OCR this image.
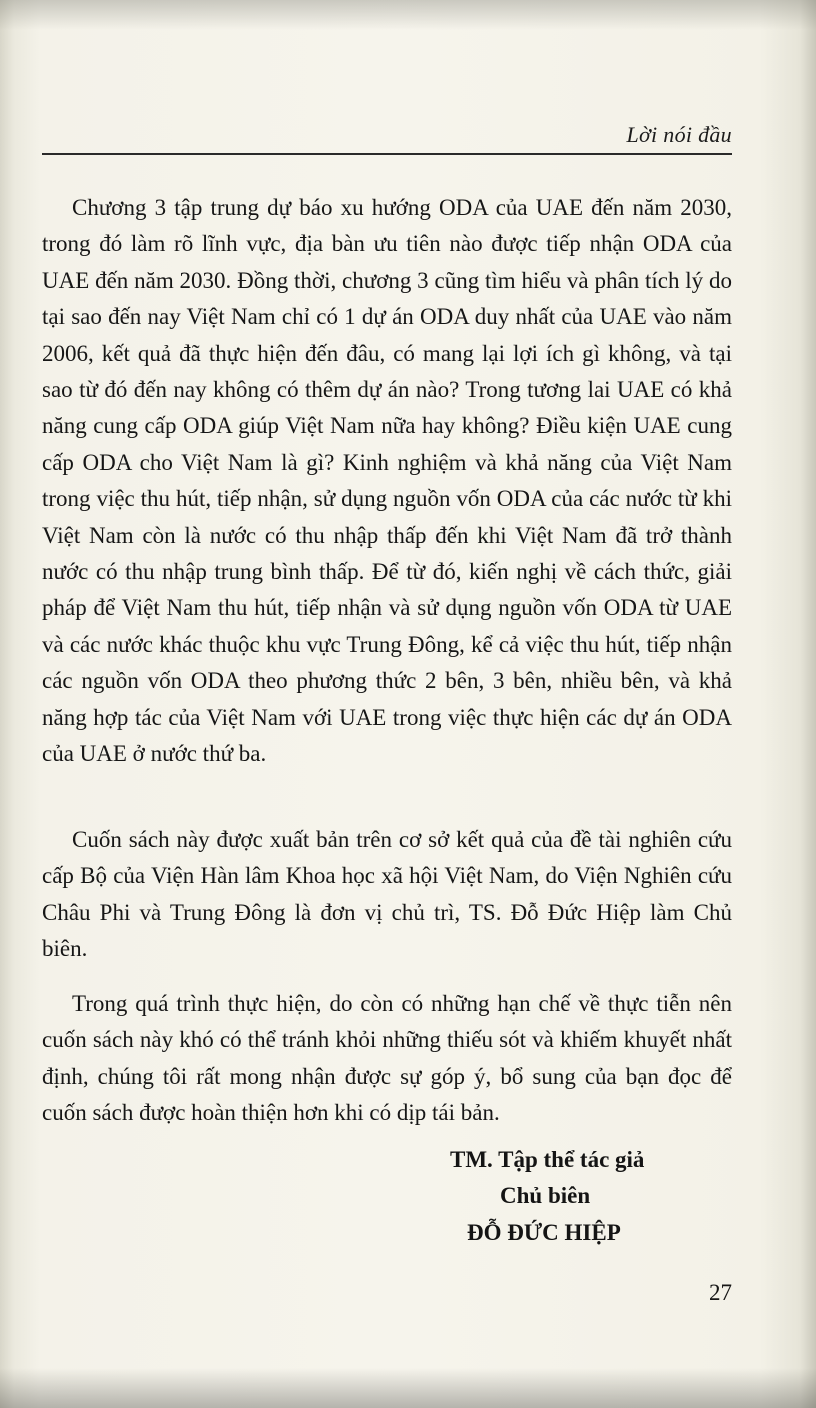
Lời nói đầu

Chương 3 tập trung dự báo xu hướng ODA của UAE đến năm 2030, trong đó làm rõ lĩnh vực, địa bàn ưu tiên nào được tiếp nhận ODA của UAE đến năm 2030. Đồng thời, chương 3 cũng tìm hiểu và phân tích lý do tại sao đến nay Việt Nam chỉ có 1 dự án ODA duy nhất của UAE vào năm 2006, kết quả đã thực hiện đến đâu, có mang lại lợi ích gì không, và tại sao từ đó đến nay không có thêm dự án nào? Trong tương lai UAE có khả năng cung cấp ODA giúp Việt Nam nữa hay không? Điều kiện UAE cung cấp ODA cho Việt Nam là gì? Kinh nghiệm và khả năng của Việt Nam trong việc thu hút, tiếp nhận, sử dụng nguồn vốn ODA của các nước từ khi Việt Nam còn là nước có thu nhập thấp đến khi Việt Nam đã trở thành nước có thu nhập trung bình thấp. Để từ đó, kiến nghị về cách thức, giải pháp để Việt Nam thu hút, tiếp nhận và sử dụng nguồn vốn ODA từ UAE và các nước khác thuộc khu vực Trung Đông, kể cả việc thu hút, tiếp nhận các nguồn vốn ODA theo phương thức 2 bên, 3 bên, nhiều bên, và khả năng hợp tác của Việt Nam với UAE trong việc thực hiện các dự án ODA của UAE ở nước thứ ba.

Cuốn sách này được xuất bản trên cơ sở kết quả của đề tài nghiên cứu cấp Bộ của Viện Hàn lâm Khoa học xã hội Việt Nam, do Viện Nghiên cứu Châu Phi và Trung Đông là đơn vị chủ trì, TS. Đỗ Đức Hiệp làm Chủ biên.

Trong quá trình thực hiện, do còn có những hạn chế về thực tiễn nên cuốn sách này khó có thể tránh khỏi những thiếu sót và khiếm khuyết nhất định, chúng tôi rất mong nhận được sự góp ý, bổ sung của bạn đọc để cuốn sách được hoàn thiện hơn khi có dịp tái bản.

TM. Tập thể tác giả
Chủ biên
ĐỖ ĐỨC HIỆP
27
